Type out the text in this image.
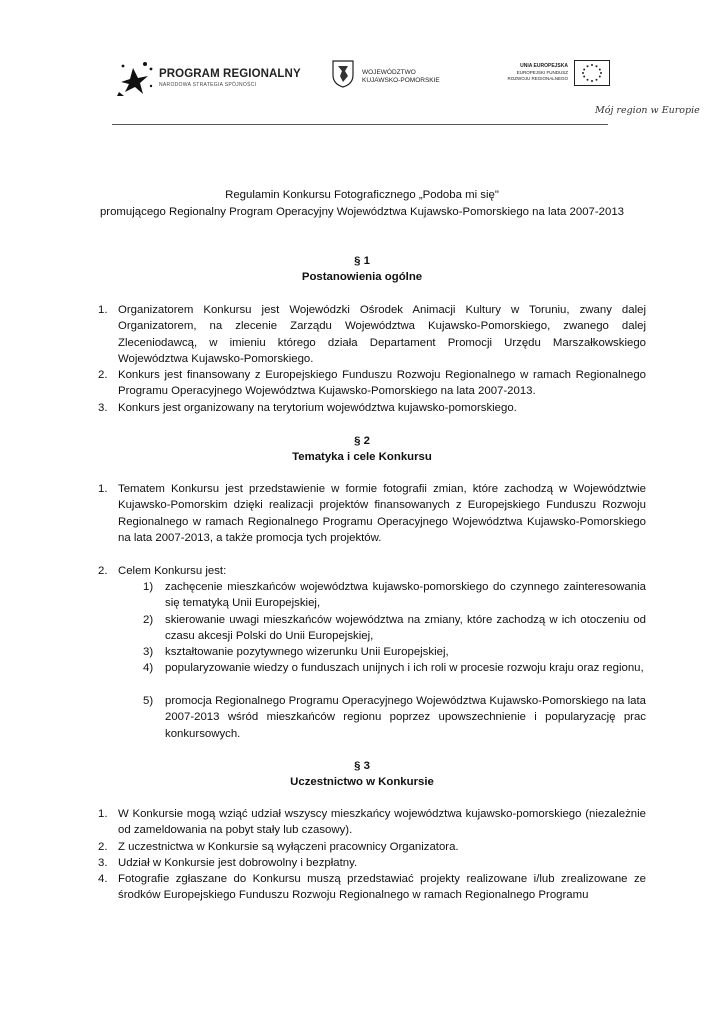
PROGRAM REGIONALNY
NARODOWA STRATEGIA SPÓJNOŚCI
WOJEWÓDZTWO
KUJAWSKO-POMORSKIE
UNIA EUROPEJSKA
EUROPEJSKI FUNDUSZ
ROZWOJU REGIONALNEGO
Mój region w Europie
Regulamin Konkursu Fotograficznego „Podoba mi się"
promującego Regionalny Program Operacyjny Województwa Kujawsko-Pomorskiego na lata 2007-2013
§ 1
Postanowienia ogólne
1. Organizatorem Konkursu jest Wojewódzki Ośrodek Animacji Kultury w Toruniu, zwany dalej Organizatorem, na zlecenie Zarządu Województwa Kujawsko-Pomorskiego, zwanego dalej Zleceniodawcą, w imieniu którego działa Departament Promocji Urzędu Marszałkowskiego Województwa Kujawsko-Pomorskiego.
2. Konkurs jest finansowany z Europejskiego Funduszu Rozwoju Regionalnego w ramach Regionalnego Programu Operacyjnego Województwa Kujawsko-Pomorskiego na lata 2007-2013.
3. Konkurs jest organizowany na terytorium województwa kujawsko-pomorskiego.
§ 2
Tematyka i cele Konkursu
1. Tematem Konkursu jest przedstawienie w formie fotografii zmian, które zachodzą w Województwie Kujawsko-Pomorskim dzięki realizacji projektów finansowanych z Europejskiego Funduszu Rozwoju Regionalnego w ramach Regionalnego Programu Operacyjnego Województwa Kujawsko-Pomorskiego na lata 2007-2013, a także promocja tych projektów.
2. Celem Konkursu jest:
1) zachęcenie mieszkańców województwa kujawsko-pomorskiego do czynnego zainteresowania się tematyką Unii Europejskiej,
2) skierowanie uwagi mieszkańców województwa na zmiany, które zachodzą w ich otoczeniu od czasu akcesji Polski do Unii Europejskiej,
3) kształtowanie pozytywnego wizerunku Unii Europejskiej,
4) popularyzowanie wiedzy o funduszach unijnych i ich roli w procesie rozwoju kraju oraz regionu,
5) promocja Regionalnego Programu Operacyjnego Województwa Kujawsko-Pomorskiego na lata 2007-2013 wśród mieszkańców regionu poprzez upowszechnienie i popularyzację prac konkursowych.
§ 3
Uczestnictwo w Konkursie
1. W Konkursie mogą wziąć udział wszyscy mieszkańcy województwa kujawsko-pomorskiego (niezależnie od zameldowania na pobyt stały lub czasowy).
2. Z uczestnictwa w Konkursie są wyłączeni pracownicy Organizatora.
3. Udział w Konkursie jest dobrowolny i bezpłatny.
4. Fotografie zgłaszane do Konkursu muszą przedstawiać projekty realizowane i/lub zrealizowane ze środków Europejskiego Funduszu Rozwoju Regionalnego w ramach Regionalnego Programu
